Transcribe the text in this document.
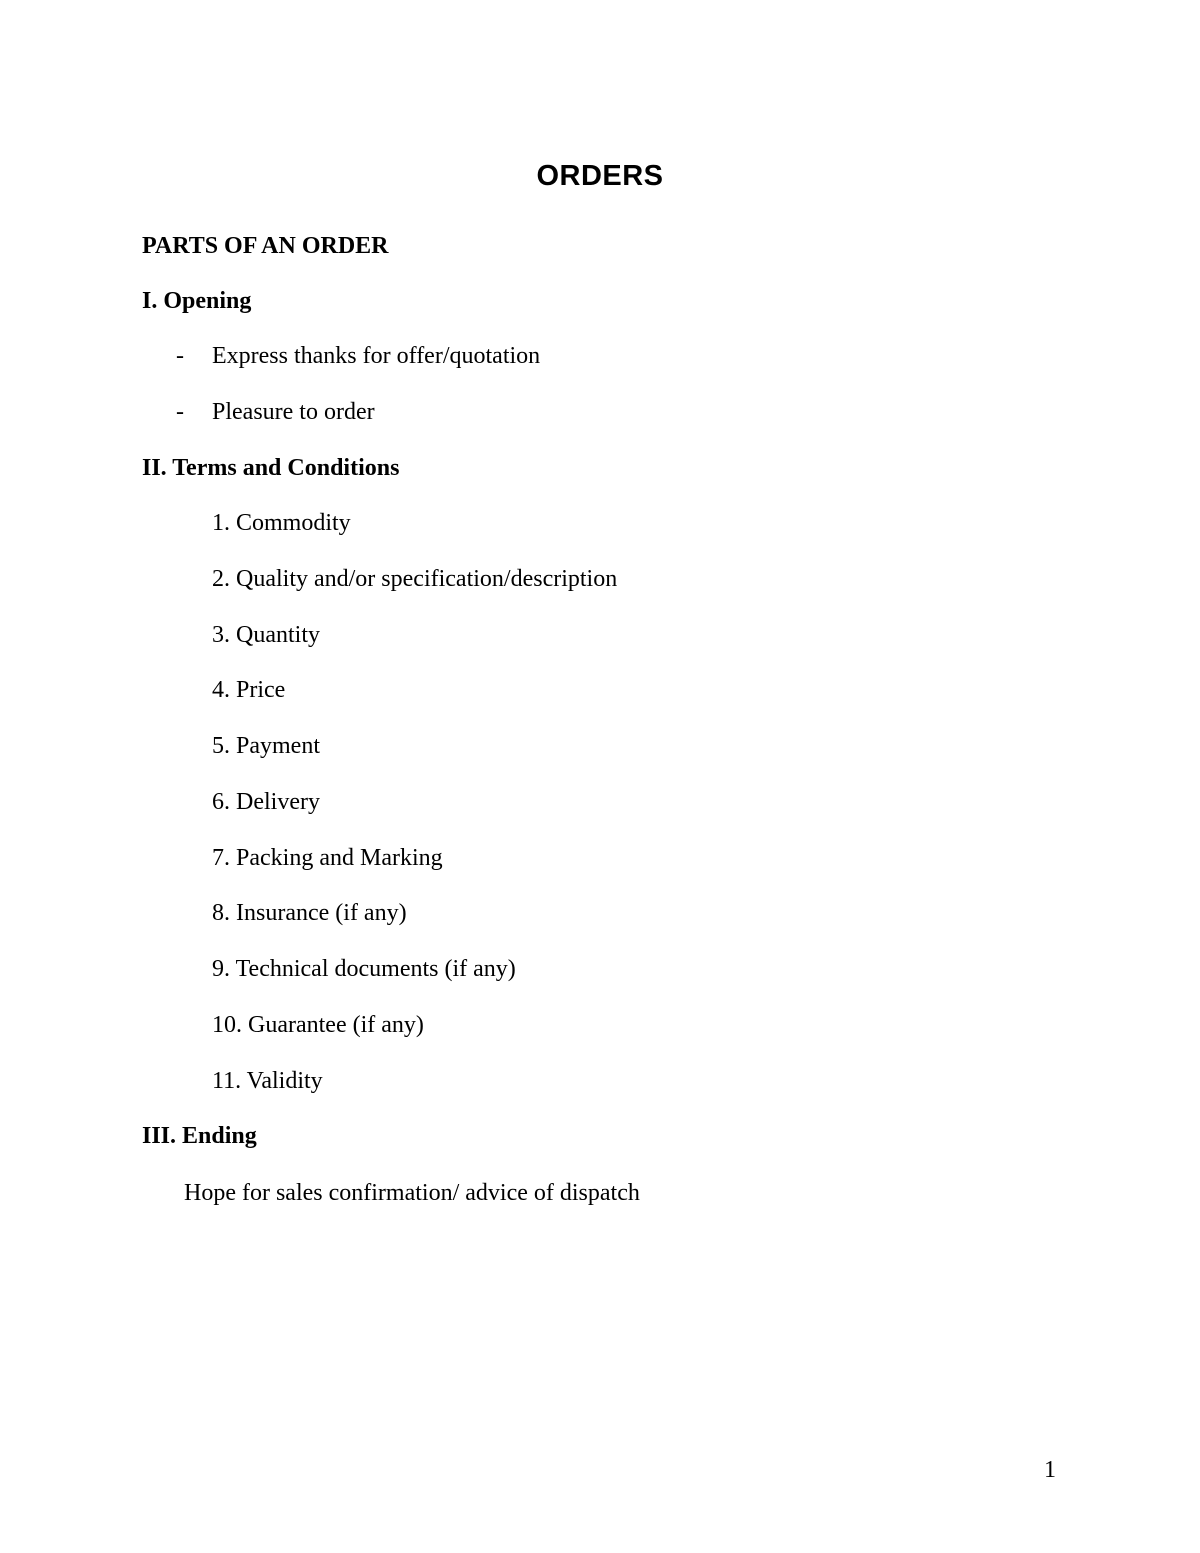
ORDERS
PARTS OF AN ORDER
I. Opening
- Express thanks for offer/quotation
- Pleasure to order
II. Terms and Conditions
1. Commodity
2. Quality and/or specification/description
3. Quantity
4. Price
5. Payment
6. Delivery
7. Packing and Marking
8. Insurance (if any)
9. Technical documents (if any)
10. Guarantee (if any)
11. Validity
III. Ending
Hope for sales confirmation/ advice of dispatch
1
